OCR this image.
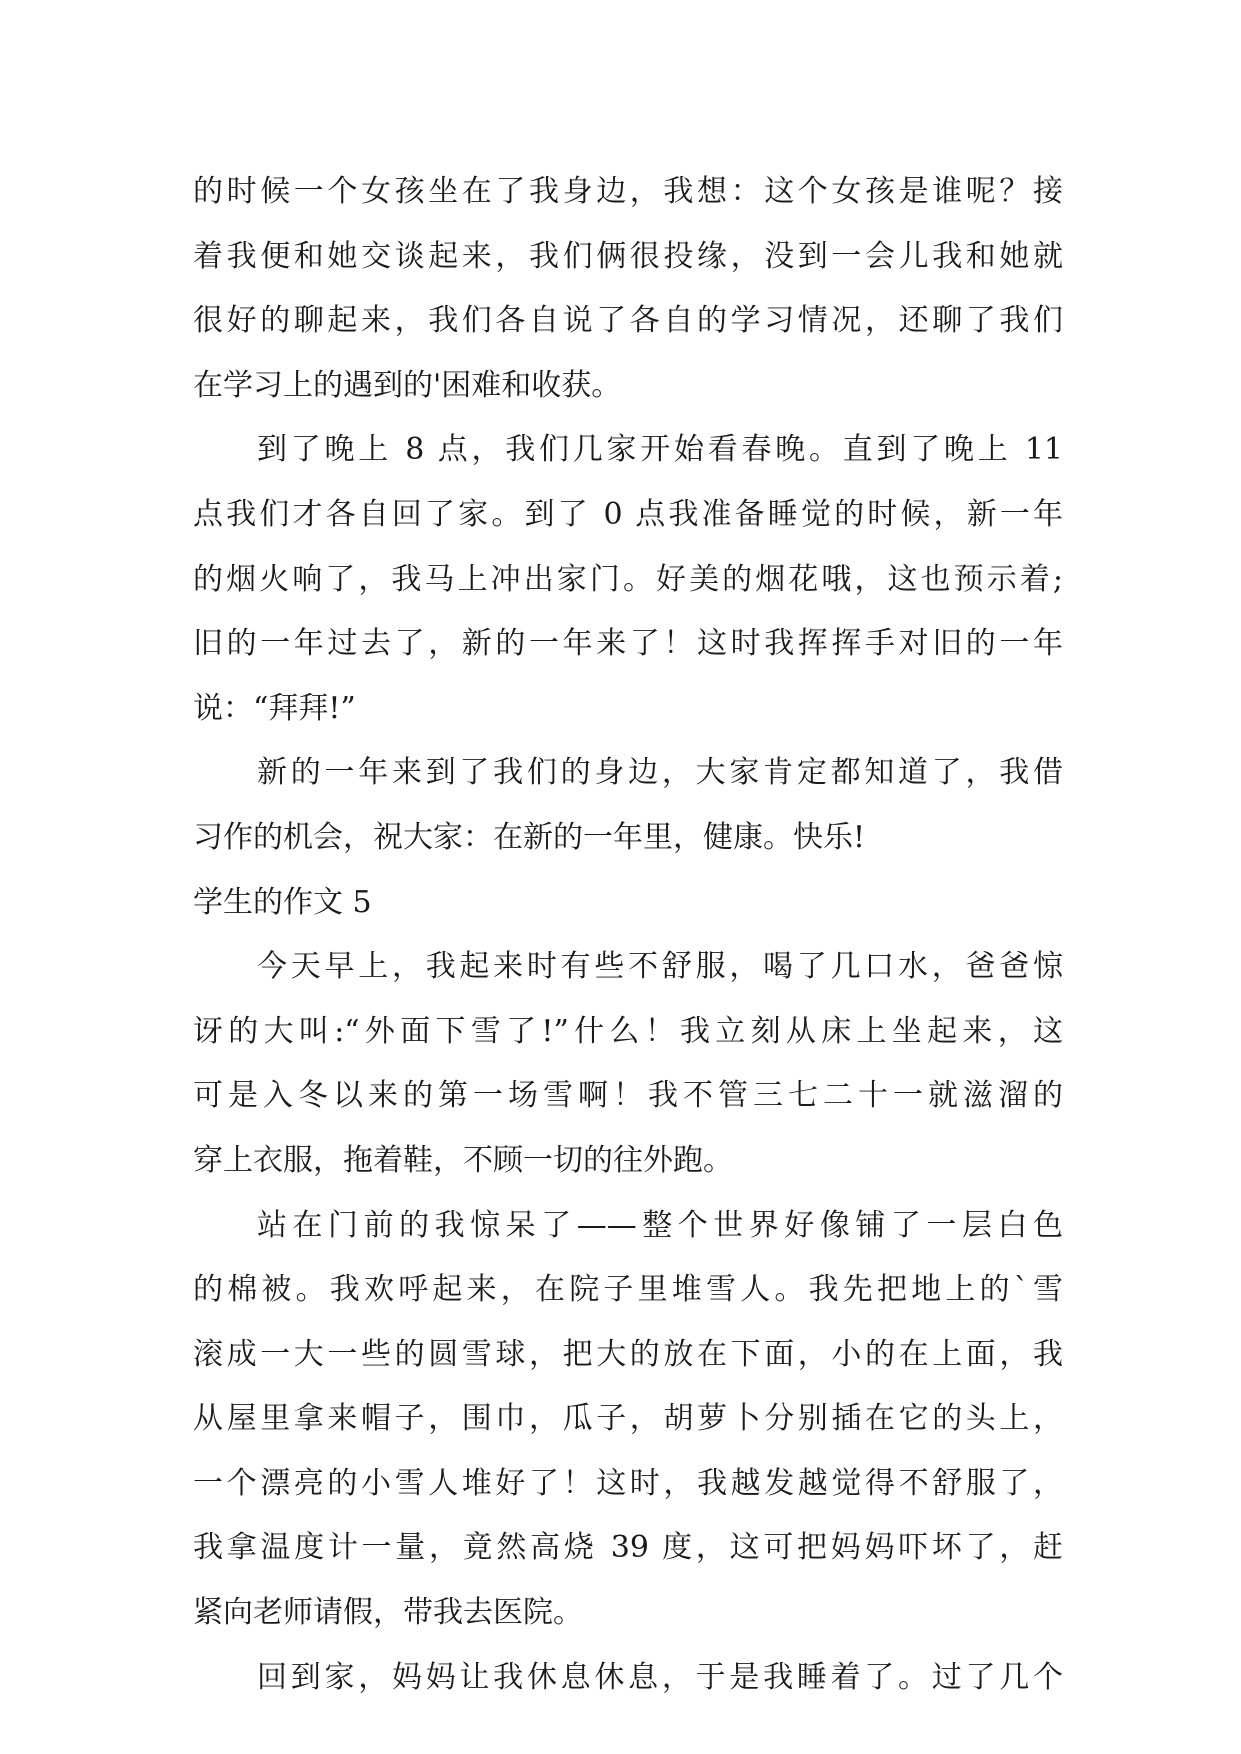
的时候一个女孩坐在了我身边，我想：这个女孩是谁呢？接
着我便和她交谈起来，我们俩很投缘，没到一会儿我和她就
很好的聊起来，我们各自说了各自的学习情况，还聊了我们
在学习上的遇到的'困难和收获。
到了晚上 8 点，我们几家开始看春晚。直到了晚上 11
点我们才各自回了家。到了 0 点我准备睡觉的时候，新一年
的烟火响了，我马上冲出家门。好美的烟花哦，这也预示着;
旧的一年过去了，新的一年来了！这时我挥挥手对旧的一年
说：“拜拜!”
新的一年来到了我们的身边，大家肯定都知道了，我借
习作的机会，祝大家：在新的一年里，健康。快乐!
学生的作文 5
今天早上，我起来时有些不舒服，喝了几口水，爸爸惊
讶的大叫:“外面下雪了!”什么！我立刻从床上坐起来，这
可是入冬以来的第一场雪啊！我不管三七二十一就滋溜的
穿上衣服，拖着鞋，不顾一切的往外跑。
站在门前的我惊呆了——整个世界好像铺了一层白色
的棉被。我欢呼起来，在院子里堆雪人。我先把地上的`雪
滚成一大一些的圆雪球，把大的放在下面，小的在上面，我
从屋里拿来帽子，围巾，瓜子，胡萝卜分别插在它的头上，
一个漂亮的小雪人堆好了！这时，我越发越觉得不舒服了，
我拿温度计一量，竟然高烧 39 度，这可把妈妈吓坏了，赶
紧向老师请假，带我去医院。
回到家，妈妈让我休息休息，于是我睡着了。过了几个
